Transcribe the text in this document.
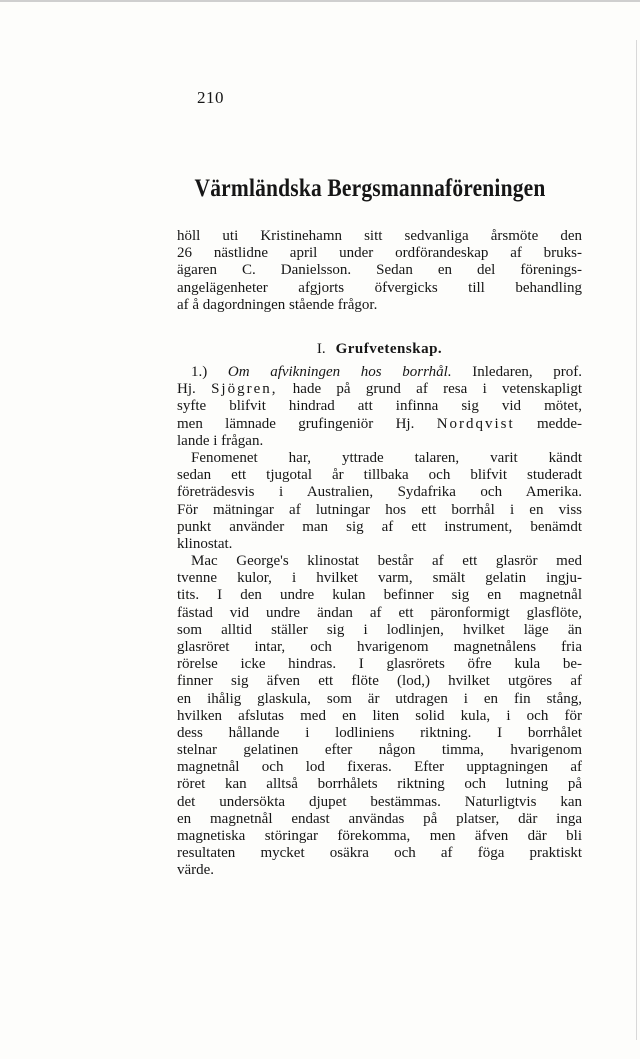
210
Värmländska Bergsmannaföreningen
höll uti Kristinehamn sitt sedvanliga årsmöte den
26 nästlidne april under ordförandeskap af bruks-
ägaren C. Danielsson. Sedan en del förenings-
angelägenheter afgjorts öfvergicks till behandling
af å dagordningen stående frågor.
I. Grufvetenskap.
1.) Om afvikningen hos borrhål. Inledaren, prof.
Hj. Sjögren, hade på grund af resa i vetenskapligt
syfte blifvit hindrad att infinna sig vid mötet,
men lämnade grufingeniör Hj. Nordqvist medde-
lande i frågan.
Fenomenet har, yttrade talaren, varit kändt
sedan ett tjugotal år tillbaka och blifvit studeradt
företrädesvis i Australien, Sydafrika och Amerika.
För mätningar af lutningar hos ett borrhål i en viss
punkt använder man sig af ett instrument, benämdt
klinostat.
Mac George's klinostat består af ett glasrör med
tvenne kulor, i hvilket varm, smält gelatin ingju-
tits. I den undre kulan befinner sig en magnetnål
fästad vid undre ändan af ett päronformigt glasflöte,
som alltid ställer sig i lodlinjen, hvilket läge än
glasröret intar, och hvarigenom magnetnålens fria
rörelse icke hindras. I glasrörets öfre kula be-
finner sig äfven ett flöte (lod,) hvilket utgöres af
en ihålig glaskula, som är utdragen i en fin stång,
hvilken afslutas med en liten solid kula, i och för
dess hållande i lodliniens riktning. I borrhålet
stelnar gelatinen efter någon timma, hvarigenom
magnetnål och lod fixeras. Efter upptagningen af
röret kan alltså borrhålets riktning och lutning på
det undersökta djupet bestämmas. Naturligtvis kan
en magnetnål endast användas på platser, där inga
magnetiska störingar förekomma, men äfven där bli
resultaten mycket osäkra och af föga praktiskt
värde.
